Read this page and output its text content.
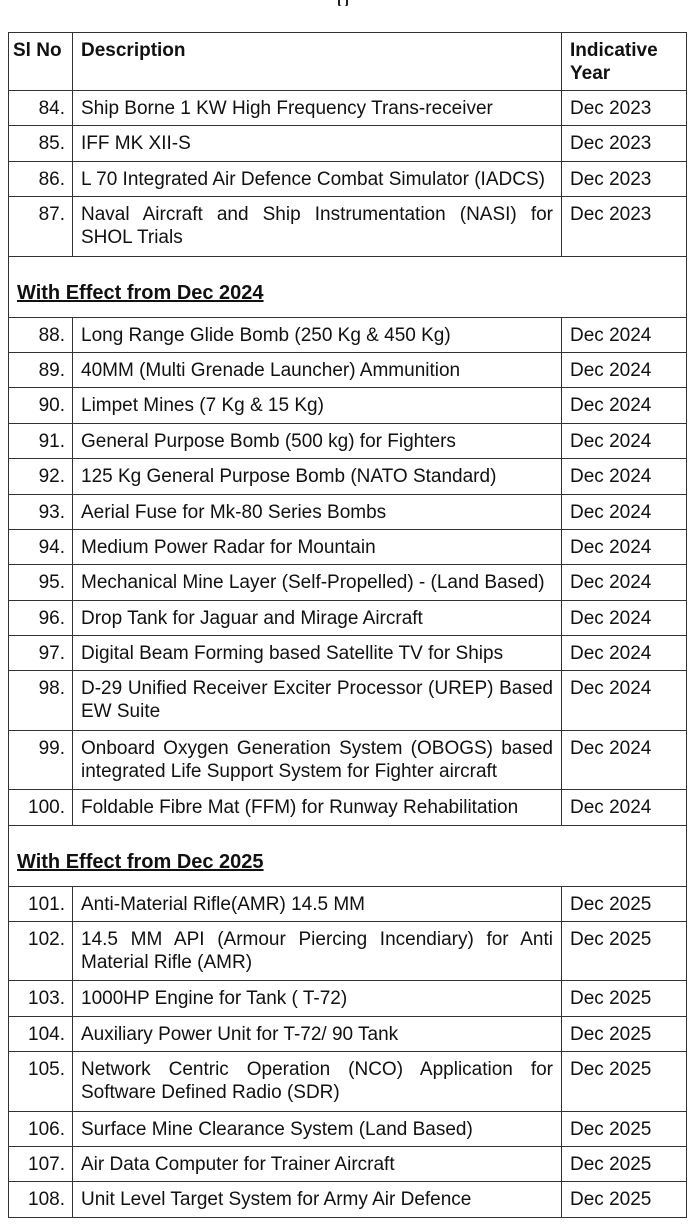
Sl No	Description	Indicative
Year

84.	Ship Borne 1 KW High Frequency Trans-receiver	Dec 2023
85.	IFF MK XII-S	Dec 2023
86.	L 70 Integrated Air Defence Combat Simulator (IADCS)	Dec 2023
87.	Naval Aircraft and Ship Instrumentation (NASI) for SHOL Trials	Dec 2023
With Effect from Dec 2024		
88.	Long Range Glide Bomb (250 Kg & 450 Kg)	Dec 2024
89.	40MM (Multi Grenade Launcher) Ammunition	Dec 2024
90.	Limpet Mines (7 Kg & 15 Kg)	Dec 2024
91.	General Purpose Bomb (500 kg) for Fighters	Dec 2024
92.	125 Kg General Purpose Bomb (NATO Standard)	Dec 2024
93.	Aerial Fuse for Mk-80 Series Bombs	Dec 2024
94.	Medium Power Radar for Mountain	Dec 2024
95.	Mechanical Mine Layer (Self-Propelled) - (Land Based)	Dec 2024
96.	Drop Tank for Jaguar and Mirage Aircraft	Dec 2024
97.	Digital Beam Forming based Satellite TV for Ships	Dec 2024
98.	D-29 Unified Receiver Exciter Processor (UREP) Based EW Suite	Dec 2024
99.	Onboard Oxygen Generation System (OBOGS) based integrated Life Support System for Fighter aircraft	Dec 2024
100.	Foldable Fibre Mat (FFM) for Runway Rehabilitation	Dec 2024
With Effect from Dec 2025		
101.	Anti-Material Rifle(AMR) 14.5 MM	Dec 2025
102.	14.5 MM API (Armour Piercing Incendiary) for Anti Material Rifle (AMR)	Dec 2025
103.	1000HP Engine for Tank ( T-72)	Dec 2025
104.	Auxiliary Power Unit for T-72/ 90 Tank	Dec 2025
105.	Network Centric Operation (NCO) Application for Software Defined Radio (SDR)	Dec 2025
106.	Surface Mine Clearance System (Land Based)	Dec 2025
107.	Air Data Computer for Trainer Aircraft	Dec 2025
108.	Unit Level Target System for Army Air Defence	Dec 2025
